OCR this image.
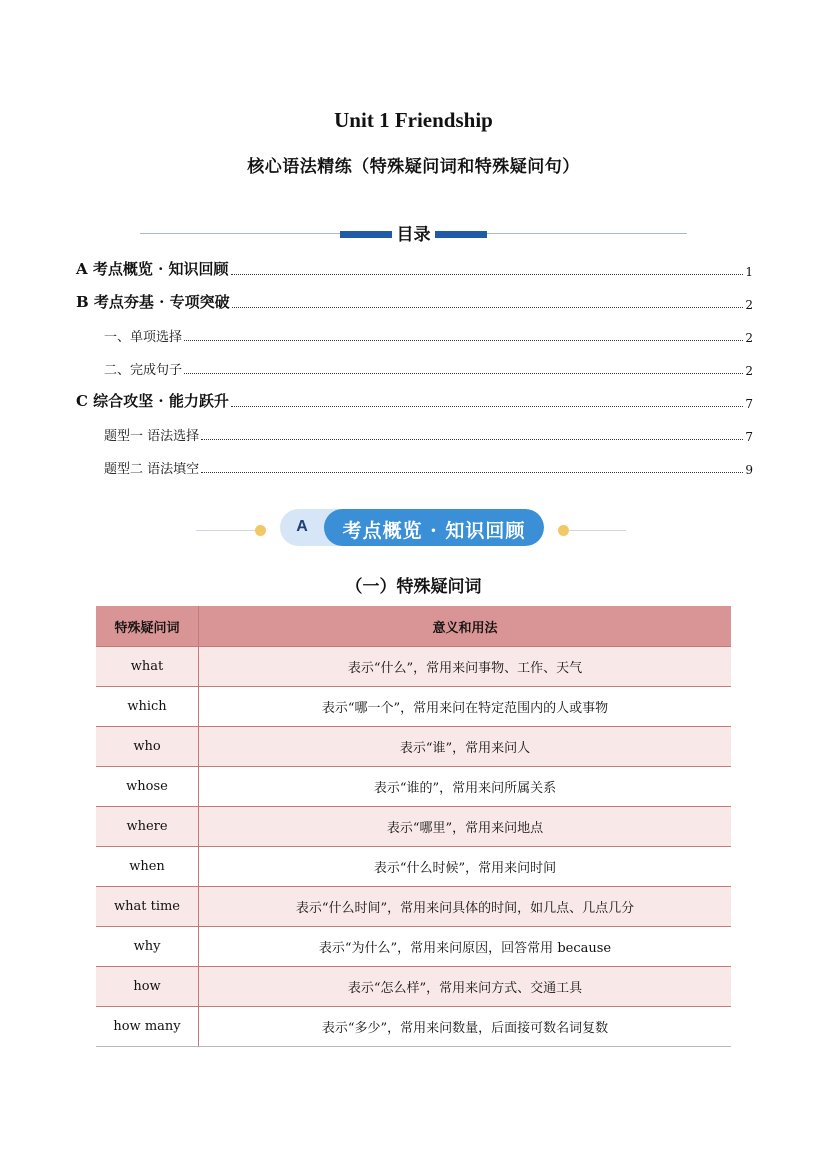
Unit 1 Friendship
核心语法精练（特殊疑问词和特殊疑问句）
目录
A 考点概览 · 知识回顾	1
B 考点夯基 · 专项突破	2
一、单项选择	2
二、完成句子	2
C 综合攻坚 · 能力跃升	7
题型一 语法选择	7
题型二 语法填空	9
A	考点概览 · 知识回顾
（一）特殊疑问词
特殊疑问词	意义和用法
what	表示“什么”，常用来问事物、工作、天气
which	表示“哪一个”，常用来问在特定范围内的人或事物
who	表示“谁”，常用来问人
whose	表示“谁的”，常用来问所属关系
where	表示“哪里”，常用来问地点
when	表示“什么时候”，常用来问时间
what time	表示“什么时间”，常用来问具体的时间，如几点、几点几分
why	表示“为什么”，常用来问原因，回答常用 because
how	表示“怎么样”，常用来问方式、交通工具
how many	表示“多少”，常用来问数量，后面接可数名词复数
